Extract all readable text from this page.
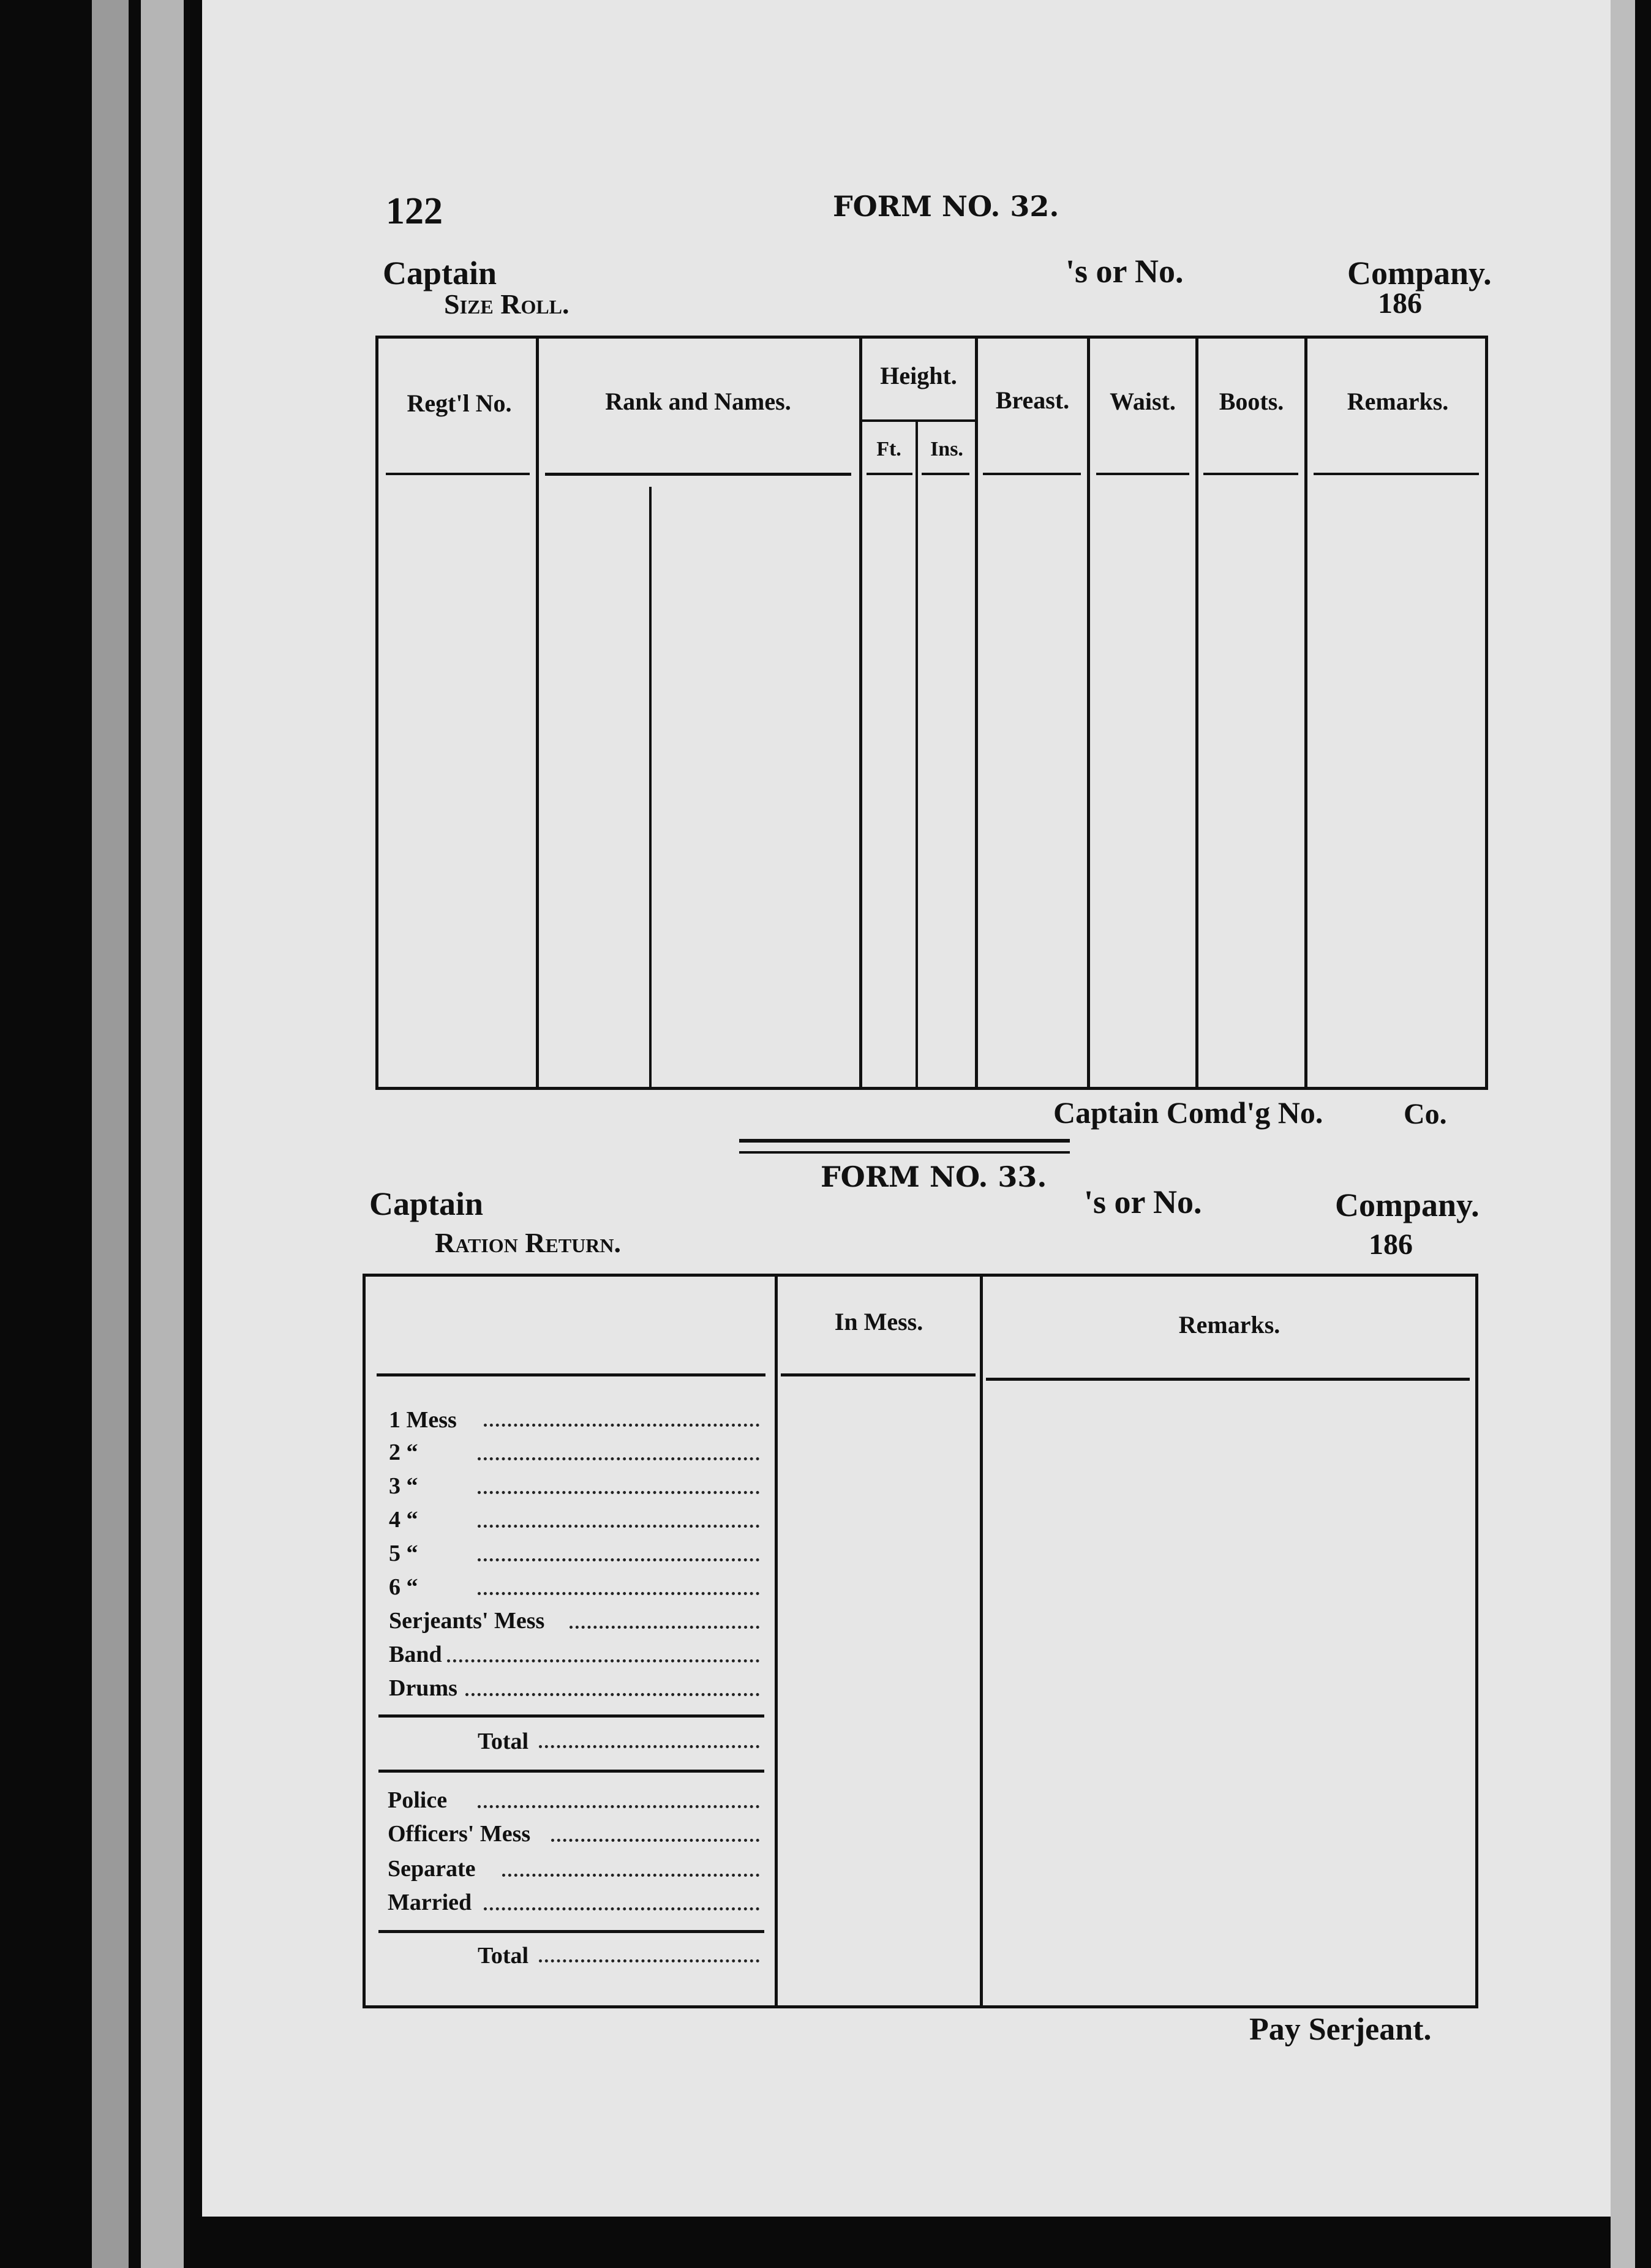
122	FORM NO. 32.
Captain	's or No.	Company.
Size Roll.	186
Regt'l No.	Rank and Names.
Height.
Ft.	Ins.
Breast.	Waist.	Boots.	Remarks.
Captain Comd'g No.	Co.
FORM NO. 33.
Captain	's or No.	Company.
Ration Return.	186
In Mess.	Remarks.
1 Mess
2 “
3 “
4 “
5 “
6 “
Serjeants' Mess
Band
Drums
Total
Police
Officers' Mess
Separate
Married
Total
Pay Serjeant.
